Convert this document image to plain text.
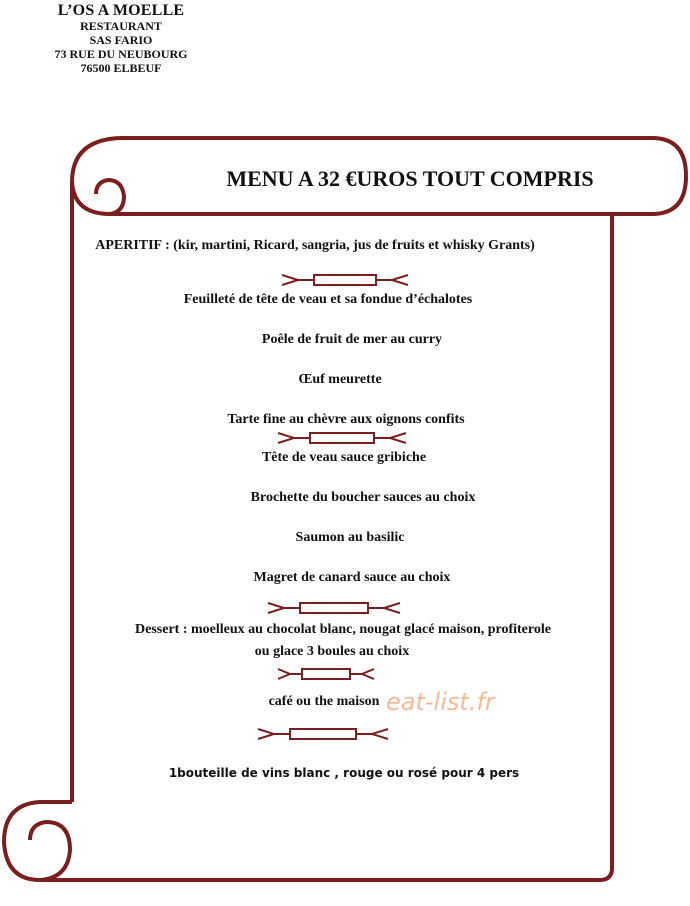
L’OS A MOELLE
RESTAURANT
SAS FARIO
73 RUE DU NEUBOURG
76500 ELBEUF
MENU A 32 €UROS TOUT COMPRIS
APERITIF : (kir, martini, Ricard, sangria, jus de fruits et whisky Grants)
Feuilleté de tête de veau et sa fondue d’échalotes
Poêle de fruit de mer au curry
Œuf meurette
Tarte fine au chèvre aux oignons confits
Tête de veau sauce gribiche
Brochette du boucher sauces au choix
Saumon au basilic
Magret de canard sauce au choix
Dessert : moelleux au chocolat blanc, nougat glacé maison, profiterole
ou glace 3 boules au choix
café ou the maison eat-list.fr
1bouteille de vins blanc , rouge ou rosé pour 4 pers
